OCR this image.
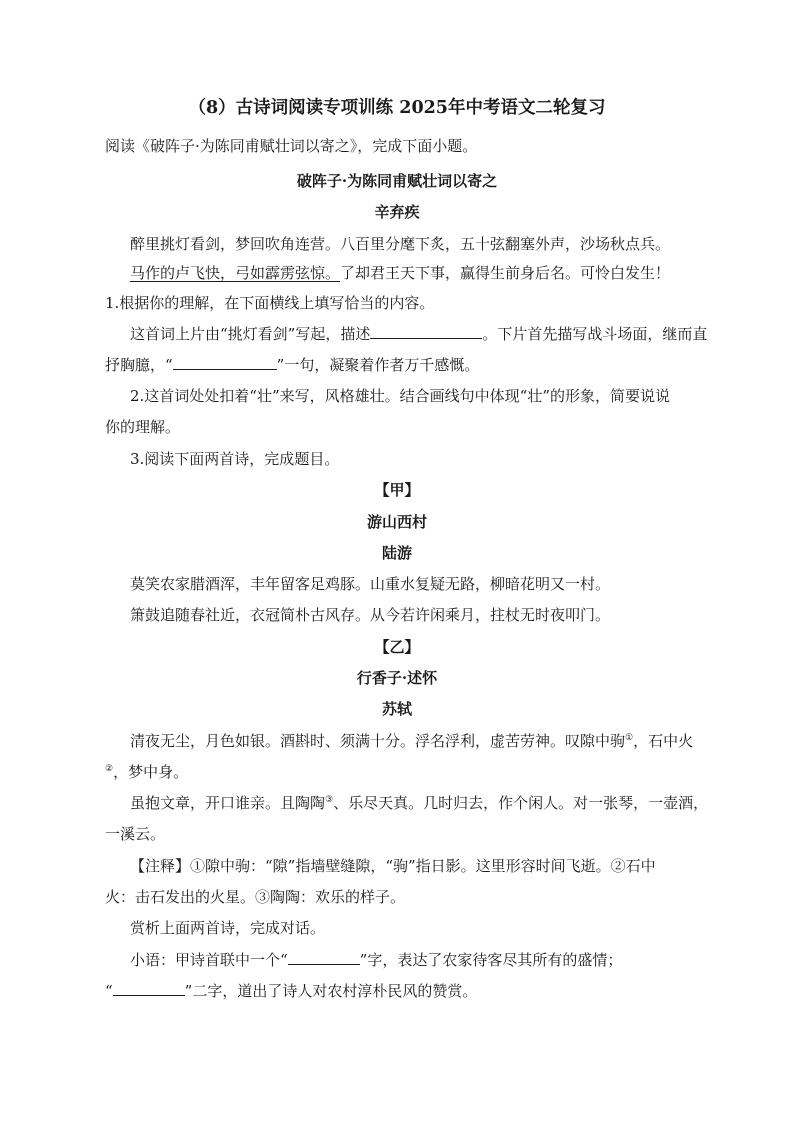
（8）古诗词阅读专项训练 2025年中考语文二轮复习
阅读《破阵子·为陈同甫赋壮词以寄之》，完成下面小题。
破阵子·为陈同甫赋壮词以寄之
辛弃疾
醉里挑灯看剑，梦回吹角连营。八百里分麾下炙，五十弦翻塞外声，沙场秋点兵。
马作的卢飞快，弓如霹雳弦惊。了却君王天下事，赢得生前身后名。可怜白发生！
1.根据你的理解，在下面横线上填写恰当的内容。
这首词上片由“挑灯看剑”写起，描述	。下片首先描写战斗场面，继而直
抒胸臆，“	”一句，凝聚着作者万千感慨。
2.这首词处处扣着“壮”来写，风格雄壮。结合画线句中体现“壮”的形象，简要说说
你的理解。
3.阅读下面两首诗，完成题目。
【甲】
游山西村
陆游
莫笑农家腊酒浑，丰年留客足鸡豚。山重水复疑无路，柳暗花明又一村。
箫鼓追随春社近，衣冠简朴古风存。从今若许闲乘月，拄杖无时夜叩门。
【乙】
行香子·述怀
苏轼
清夜无尘，月色如银。酒斟时、须满十分。浮名浮利，虚苦劳神。叹隙中驹①，石中火
②，梦中身。
虽抱文章，开口谁亲。且陶陶③、乐尽天真。几时归去，作个闲人。对一张琴，一壶酒，
一溪云。
【注释】①隙中驹：“隙”指墙壁缝隙，“驹”指日影。这里形容时间飞逝。②石中
火：击石发出的火星。③陶陶：欢乐的样子。
赏析上面两首诗，完成对话。
小语：甲诗首联中一个“	”字，表达了农家待客尽其所有的盛情；
“	”二字，道出了诗人对农村淳朴民风的赞赏。
